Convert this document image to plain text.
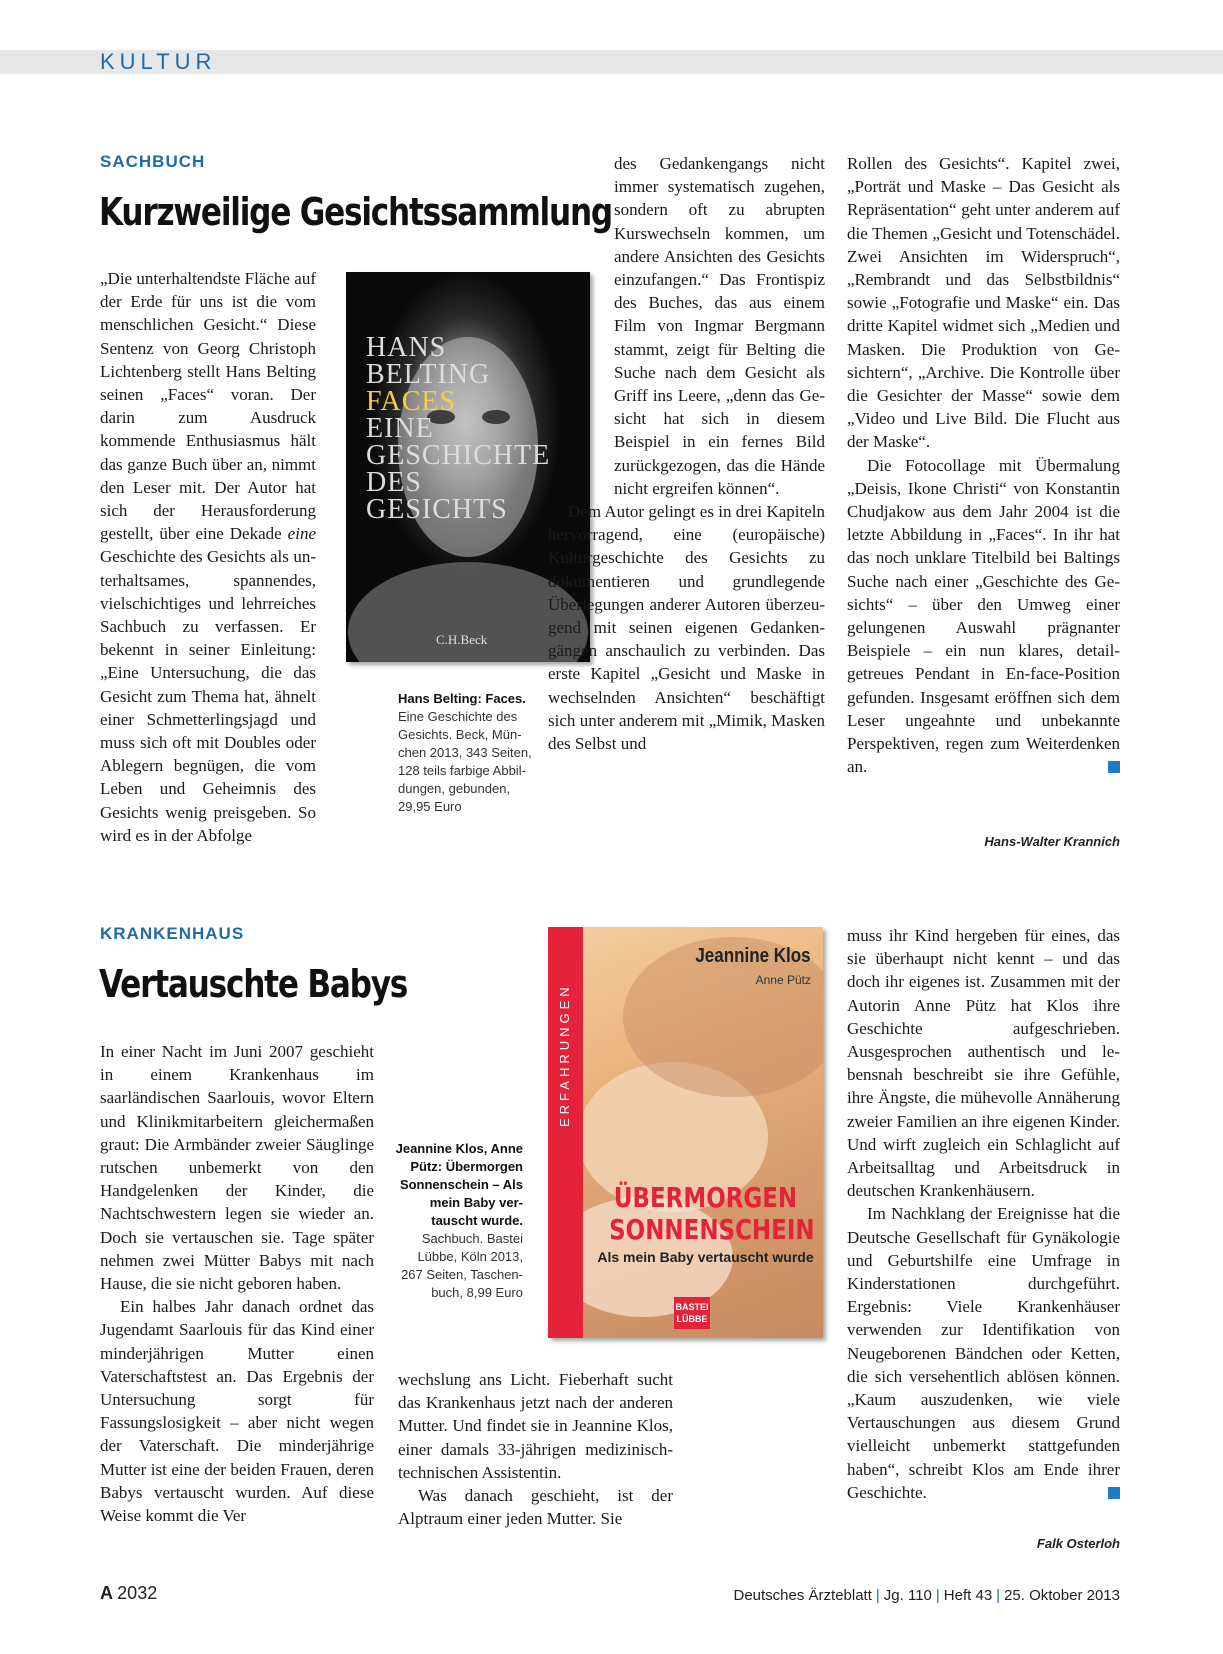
KULTUR
SACHBUCH
Kurzweilige Gesichtssammlung

„Die unterhaltendste Fläche auf der Erde für uns ist die vom menschlichen Gesicht.“ Diese Sentenz von Georg Christoph Lichtenberg stellt Hans Belting seinen „Faces“ voran. Der darin zum Ausdruck kommende Enthusiasmus hält das ganze Buch über an, nimmt den Leser mit. Der Autor hat sich der Herausforderung gestellt, über eine Dekade eine Geschichte des Gesichts als unterhaltsames, spannendes, vielschichtiges und lehrreiches Sachbuch zu verfassen. Er bekennt in seiner Einleitung: „Eine Untersuchung, die das Gesicht zum Thema hat, ähnelt einer Schmetterlingsjagd und muss sich oft mit Doubles oder Ablegern begnügen, die vom Leben und Geheimnis des Gesichts wenig preisgeben. So wird es in der Abfolge

HANS
BELTING
FACES
EINE
GESCHICHTE
DES
GESICHTS
C.H.Beck
Hans Belting: Faces.
Eine Geschichte des Gesichts. Beck, München 2013, 343 Seiten, 128 teils farbige Abbildungen, gebunden, 29,95 Euro

des Gedankengangs nicht immer systematisch zugehen, sondern oft zu abrupten Kurswechseln kommen, um andere Ansichten des Gesichts einzufangen.“ Das Frontispiz des Buches, das aus einem Film von Ingmar Bergmann stammt, zeigt für Belting die Suche nach dem Gesicht als Griff ins Leere, „denn das Gesicht hat sich in diesem Beispiel in ein fernes Bild zurückgezogen, das die Hände nicht ergreifen können“.

Dem Autor gelingt es in drei Kapiteln hervorragend, eine (europäische) Kulturgeschichte des Gesichts zu dokumentieren und grundlegende Überlegungen anderer Autoren überzeugend mit seinen eigenen Gedankengängen anschaulich zu verbinden. Das erste Kapitel „Gesicht und Maske in wechselnden Ansichten“ beschäftigt sich unter anderem mit „Mimik, Masken des Selbst und

Rollen des Gesichts“. Kapitel zwei, „Porträt und Maske – Das Gesicht als Repräsentation“ geht unter anderem auf die Themen „Gesicht und Totenschädel. Zwei Ansichten im Widerspruch“, „Rembrandt und das Selbstbildnis“ sowie „Fotografie und Maske“ ein. Das dritte Kapitel widmet sich „Medien und Masken. Die Produktion von Gesichtern“, „Archive. Die Kontrolle über die Gesichter der Masse“ sowie dem „Video und Live Bild. Die Flucht aus der Maske“.

Die Fotocollage mit Übermalung „Deisis, Ikone Christi“ von Konstantin Chudjakow aus dem Jahr 2004 ist die letzte Abbildung in „Faces“. In ihr hat das noch unklare Titelbild bei Baltings Suche nach einer „Geschichte des Gesichts“ – über den Umweg einer gelungenen Auswahl prägnanter Beispiele – ein nun klares, detailgetreues Pendant in En-face-Position gefunden. Insgesamt eröffnen sich dem Leser ungeahnte und unbekannte Perspektiven, regen zum Weiterdenken an.

Hans-Walter Krannich
KRANKENHAUS
Vertauschte Babys

In einer Nacht im Juni 2007 geschieht in einem Krankenhaus im saarländischen Saarlouis, wovor Eltern und Klinikmitarbeitern gleichermaßen graut: Die Armbänder zweier Säuglinge rutschen unbemerkt von den Handgelenken der Kinder, die Nachtschwestern legen sie wieder an. Doch sie vertauschen sie. Tage später nehmen zwei Mütter Babys mit nach Hause, die sie nicht geboren haben.

Ein halbes Jahr danach ordnet das Jugendamt Saarlouis für das Kind einer minderjährigen Mutter einen Vaterschaftstest an. Das Ergebnis der Untersuchung sorgt für Fassungslosigkeit – aber nicht wegen der Vaterschaft. Die minderjährige Mutter ist eine der beiden Frauen, deren Babys vertauscht wurden. Auf diese Weise kommt die Ver

Jeannine Klos, Anne Pütz: Übermorgen Sonnenschein – Als mein Baby vertauscht wurde.
Sachbuch. Bastei Lübbe, Köln 2013, 267 Seiten, Taschenbuch, 8,99 Euro
ERFAHRUNGEN
Jeannine Klos
Anne Pütz
ÜBERMORGEN
SONNENSCHEIN
Als mein Baby vertauscht wurde
BASTEI
LÜBBE

wechslung ans Licht. Fieberhaft sucht das Krankenhaus jetzt nach der anderen Mutter. Und findet sie in Jeannine Klos, einer damals 33-jährigen medizinisch-technischen Assistentin.

Was danach geschieht, ist der Alptraum einer jeden Mutter. Sie

muss ihr Kind hergeben für eines, das sie überhaupt nicht kennt – und das doch ihr eigenes ist. Zusammen mit der Autorin Anne Pütz hat Klos ihre Geschichte aufgeschrieben. Ausgesprochen authentisch und lebensnah beschreibt sie ihre Gefühle, ihre Ängste, die mühevolle Annäherung zweier Familien an ihre eigenen Kinder. Und wirft zugleich ein Schlaglicht auf Arbeitsalltag und Arbeitsdruck in deutschen Krankenhäusern.

Im Nachklang der Ereignisse hat die Deutsche Gesellschaft für Gynäkologie und Geburtshilfe eine Umfrage in Kinderstationen durchgeführt. Ergebnis: Viele Krankenhäuser verwenden zur Identifikation von Neugeborenen Bändchen oder Ketten, die sich versehentlich ablösen können. „Kaum auszudenken, wie viele Vertauschungen aus diesem Grund vielleicht unbemerkt stattgefunden haben“, schreibt Klos am Ende ihrer Geschichte.

Falk Osterloh
A 2032	Deutsches Ärzteblatt | Jg. 110 | Heft 43 | 25. Oktober 2013
